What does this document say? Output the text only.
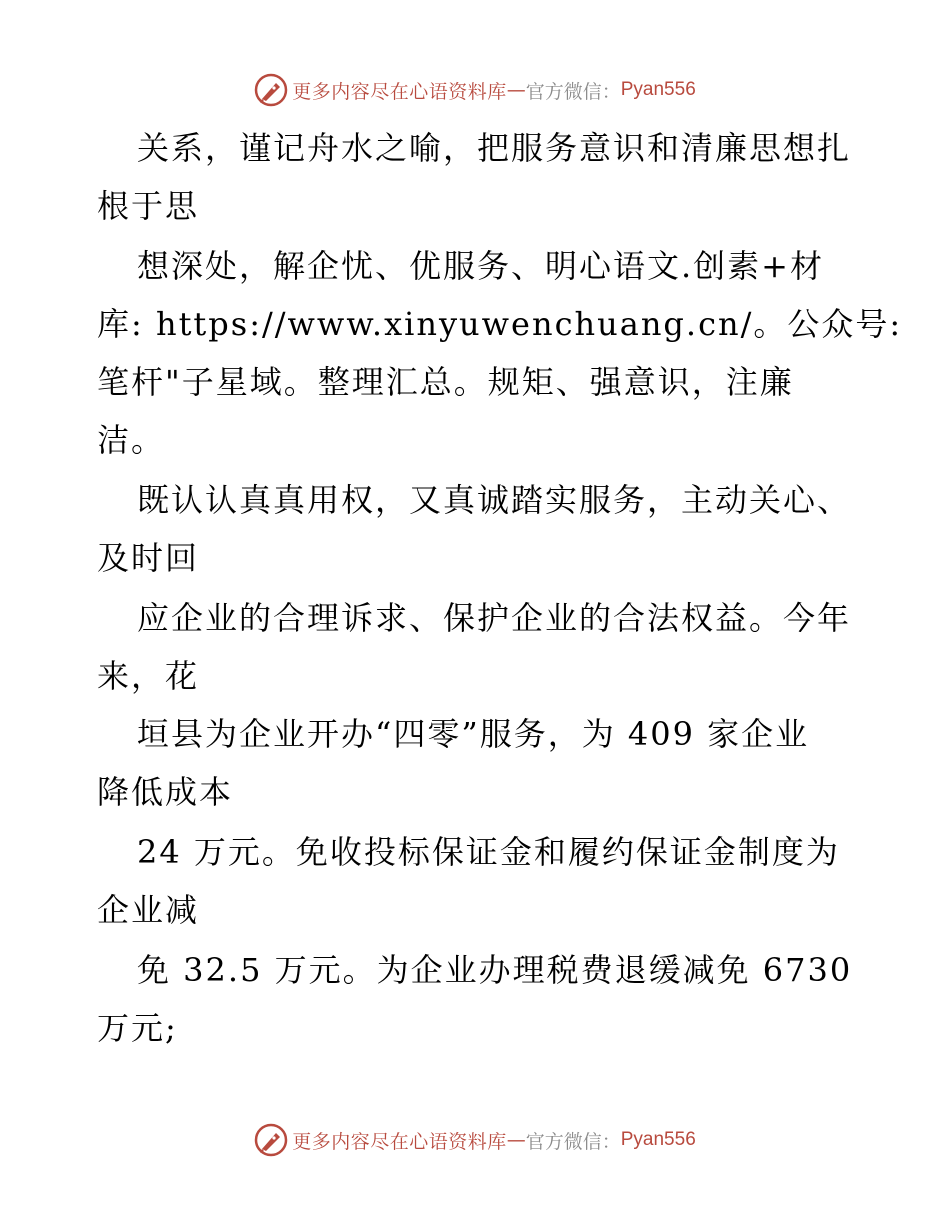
更多内容尽在心语资料库 — 官方微信： Pyan556
关系，谨记舟水之喻，把服务意识和清廉思想扎
根于思
想深处，解企忧、优服务、明心语文.创素+材
库: https://www.xinyuwenchuang.cn/。公众号:
笔杆"子星域。整理汇总。规矩、强意识，注廉
洁。
既认认真真用权，又真诚踏实服务，主动关心、
及时回
应企业的合理诉求、保护企业的合法权益。今年
来，花
垣县为企业开办“四零”服务，为 409 家企业
降低成本
24 万元。免收投标保证金和履约保证金制度为
企业减
免 32.5 万元。为企业办理税费退缓减免 6730
万元;
更多内容尽在心语资料库 — 官方微信： Pyan556
